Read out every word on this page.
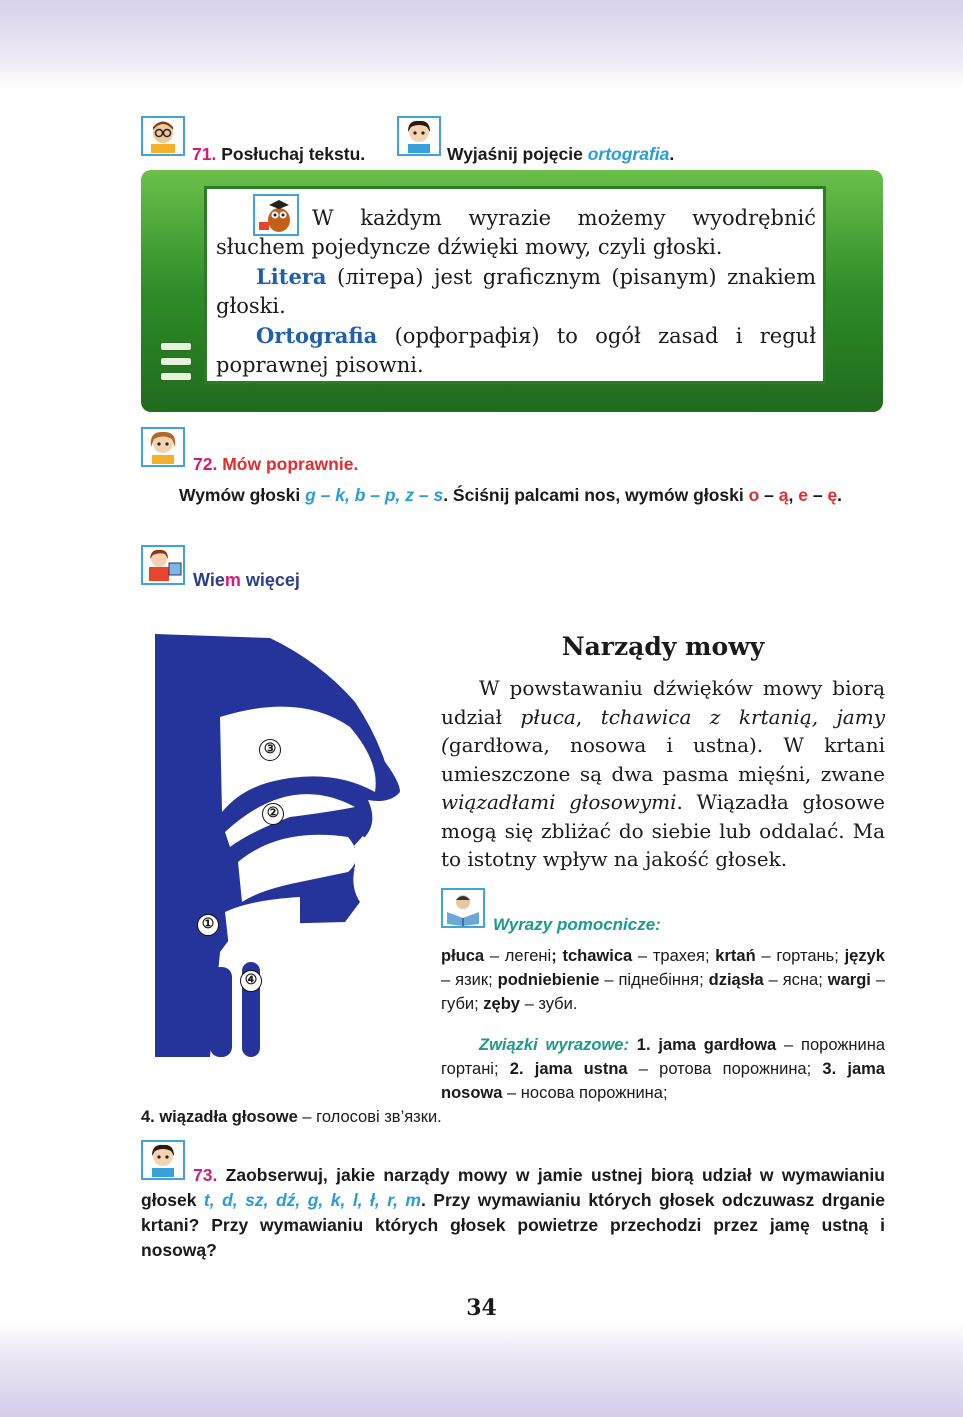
71. Posłuchaj tekstu.	Wyjaśnij pojęcie ortografia.

W każdym wyrazie możemy wyodrębnić słuchem pojedyncze dźwięki mowy, czyli głoski.

Litera (літера) jest graficznym (pisanym) znakiem głoski.

Ortografia (орфографія) to ogół zasad i reguł poprawnej pisowni.

72. Mów poprawnie.
Wymów głoski g – k, b – p, z – s. Ściśnij palcami nos, wymów głoski o – ą, e – ę.
Wiem więcej
③
②
①
④
Narządy mowy

W powstawaniu dźwięków mowy biorą udział płuca, tchawica z krtanią, jamy (gardłowa, nosowa i ustna). W krtani umieszczone są dwa pasma mięśni, zwane wiązadłami głosowymi. Wiązadła głosowe mogą się zbliżać do siebie lub oddalać. Ma to istotny wpływ na jakość głosek.

Wyrazy pomocnicze:
płuca – легені; tchawica – трахея; krtań – гортань; język – язик; podniebienie – піднебіння; dziąsła – ясна; wargi – губи; zęby – зуби.
Związki wyrazowe: 1. jama gardłowa – порожнина гортані; 2. jama ustna – ротова порожнина; 3. jama nosowa – носова порожнина;
4. wiązadła głosowe – голосові зв’язки.
73. Zaobserwuj, jakie narządy mowy w jamie ustnej biorą udział w wymawianiu głosek t, d, sz, dź, g, k, l, ł, r, m. Przy wymawianiu których głosek odczuwasz drganie krtani? Przy wymawianiu których głosek powietrze przechodzi przez jamę ustną i nosową?
34
